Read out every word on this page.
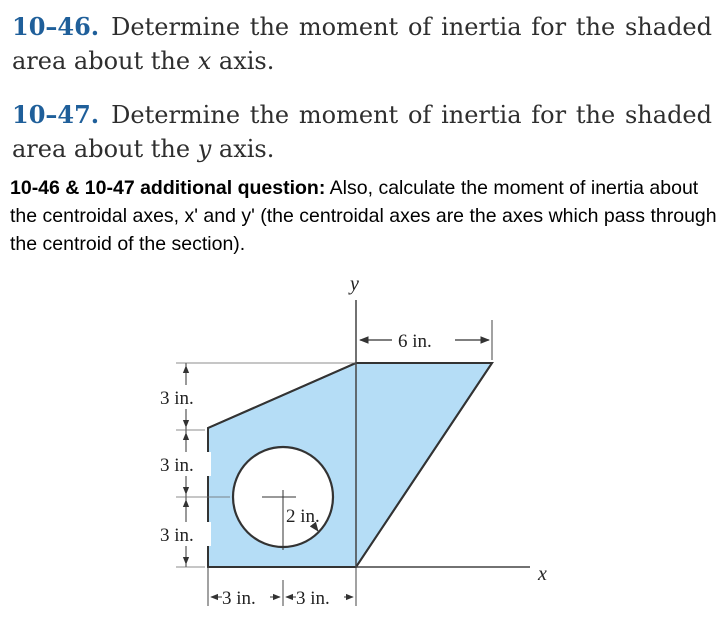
10–46. Determine the moment of inertia for the shaded area about the x axis.
10–47. Determine the moment of inertia for the shaded area about the y axis.
10-46 & 10-47 additional question: Also, calculate the moment of inertia about the centroidal axes, x' and y' (the centroidal axes are the axes which pass through the centroid of the section).
y
x
6 in.
3 in.
3 in.
3 in.
2 in.
3 in. 3 in.
